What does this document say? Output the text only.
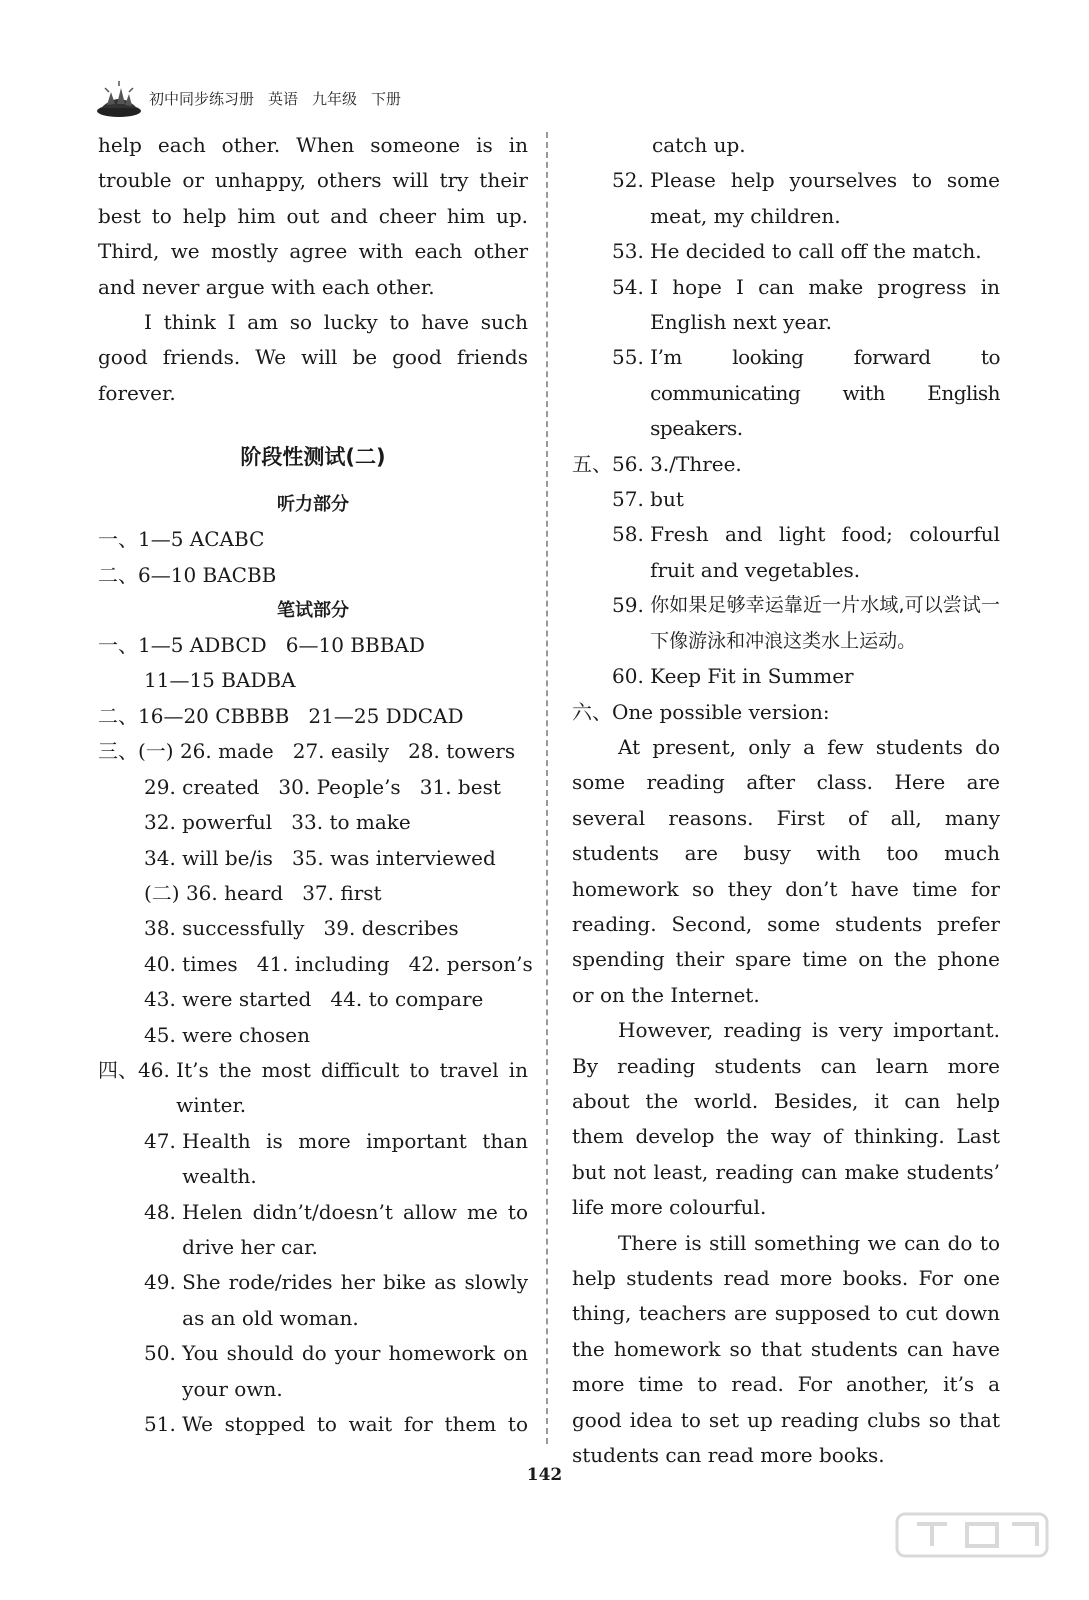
初中同步练习册 英语 九年级 下册
help each other. When someone is in trouble or unhappy, others will try their best to help him out and cheer him up. Third, we mostly agree with each other and never argue with each other.
I think I am so lucky to have such good friends. We will be good friends forever.
阶段性测试(二)
听力部分
一、1—5 ACABC
二、6—10 BACBB
笔试部分
一、1—5 ADBCD   6—10 BBBAD
11—15 BADBA
二、16—20 CBBBB   21—25 DDCAD
三、(一) 26. made   27. easily   28. towers
29. created   30. People’s   31. best
32. powerful   33. to make
34. will be/is   35. was interviewed
(二) 36. heard   37. first
38. successfully   39. describes
40. times   41. including   42. person’s
43. were started   44. to compare
45. were chosen
四、 46. It’s the most difficult to travel in winter.
47. Health is more important than wealth.
48. Helen didn’t/doesn’t allow me to drive her car.
49. She rode/rides her bike as slowly as an old woman.
50. You should do your homework on your own.
51. We stopped to wait for them to
catch up.
52. Please help yourselves to some meat, my children.
53. He decided to call off the match.
54. I hope I can make progress in English next year.
55. I’m looking forward to communicating with English speakers.
五、56. 3./Three.
57. but
58. Fresh and light food; colourful fruit and vegetables.
59. 你如果足够幸运靠近一片水域,可以尝试一下像游泳和冲浪这类水上运动。
60. Keep Fit in Summer
六、One possible version:
At present, only a few students do some reading after class. Here are several reasons. First of all, many students are busy with too much homework so they don’t have time for reading. Second, some students prefer spending their spare time on the phone or on the Internet.
However, reading is very important. By reading students can learn more about the world. Besides, it can help them develop the way of thinking. Last but not least, reading can make students’ life more colourful.
There is still something we can do to help students read more books. For one thing, teachers are supposed to cut down the homework so that students can have more time to read. For another, it’s a good idea to set up reading clubs so that students can read more books.
142
